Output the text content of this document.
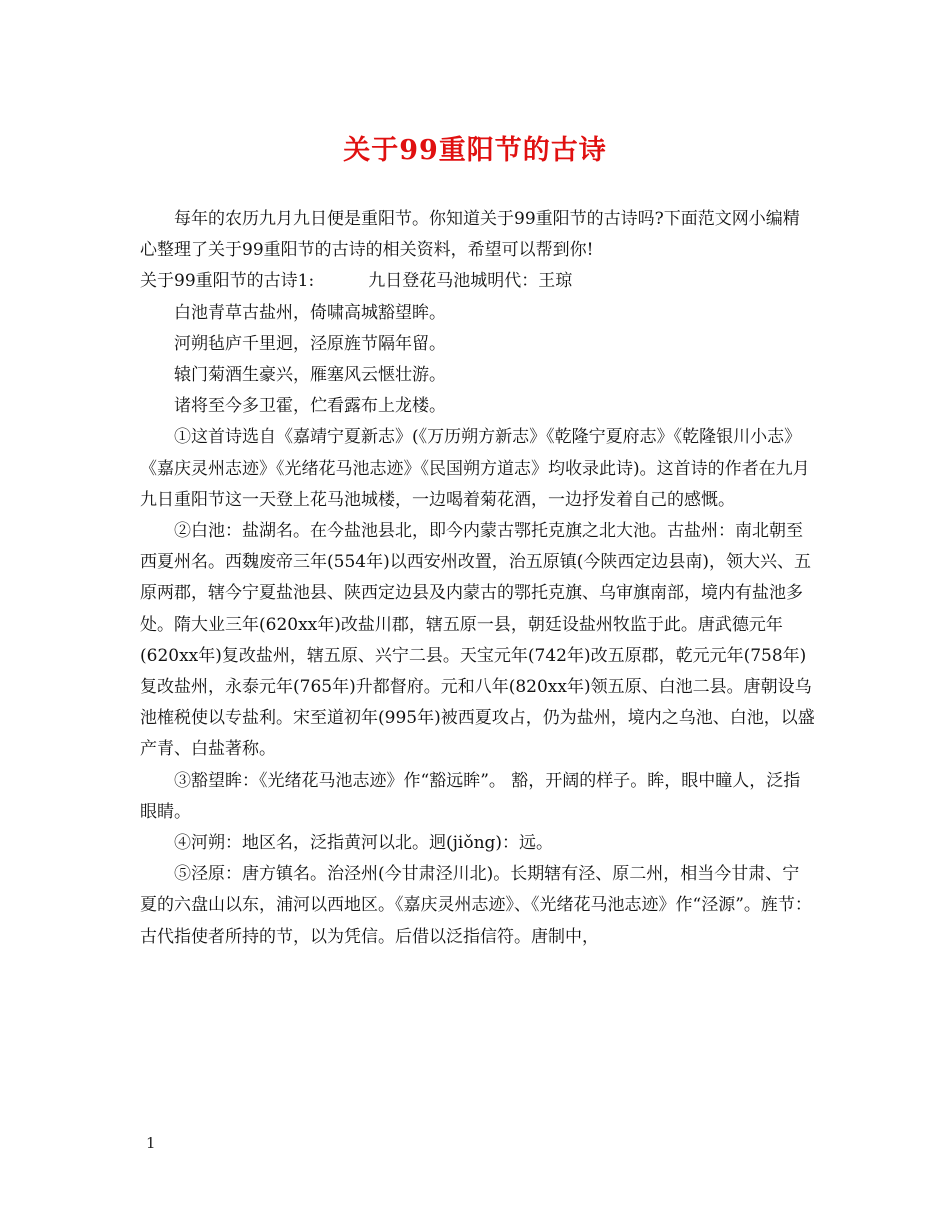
关于99重阳节的古诗

每年的农历九月九日便是重阳节。你知道关于99重阳节的古诗吗?下面范文网小编精心整理了关于99重阳节的古诗的相关资料，希望可以帮到你!

关于99重阳节的古诗1:	九日登花马池城明代：王琼

白池青草古盐州，倚啸高城豁望眸。

河朔毡庐千里迥，泾原旌节隔年留。

辕门菊酒生豪兴，雁塞风云惬壮游。

诸将至今多卫霍，伫看露布上龙楼。

①这首诗选自《嘉靖宁夏新志》(《万历朔方新志》《乾隆宁夏府志》《乾隆银川小志》《嘉庆灵州志迹》《光绪花马池志迹》《民国朔方道志》均收录此诗)。这首诗的作者在九月九日重阳节这一天登上花马池城楼，一边喝着菊花酒，一边抒发着自己的感慨。

②白池：盐湖名。在今盐池县北，即今内蒙古鄂托克旗之北大池。古盐州：南北朝至西夏州名。西魏废帝三年(554年)以西安州改置，治五原镇(今陕西定边县南)，领大兴、五原两郡，辖今宁夏盐池县、陕西定边县及内蒙古的鄂托克旗、乌审旗南部，境内有盐池多处。隋大业三年(620xx年)改盐川郡，辖五原一县，朝廷设盐州牧监于此。唐武德元年(620xx年)复改盐州，辖五原、兴宁二县。天宝元年(742年)改五原郡，乾元元年(758年)复改盐州，永泰元年(765年)升都督府。元和八年(820xx年)领五原、白池二县。唐朝设乌池榷税使以专盐利。宋至道初年(995年)被西夏攻占，仍为盐州，境内之乌池、白池，以盛产青、白盐著称。

③豁望眸：《光绪花马池志迹》作“豁远眸”。 豁，开阔的样子。眸，眼中瞳人，泛指眼睛。

④河朔：地区名，泛指黄河以北。迥(jiǒng)：远。

⑤泾原：唐方镇名。治泾州(今甘肃泾川北)。长期辖有泾、原二州，相当今甘肃、宁夏的六盘山以东，浦河以西地区。《嘉庆灵州志迹》、《光绪花马池志迹》作“泾源”。旌节：古代指使者所持的节，以为凭信。后借以泛指信符。唐制中，

1
